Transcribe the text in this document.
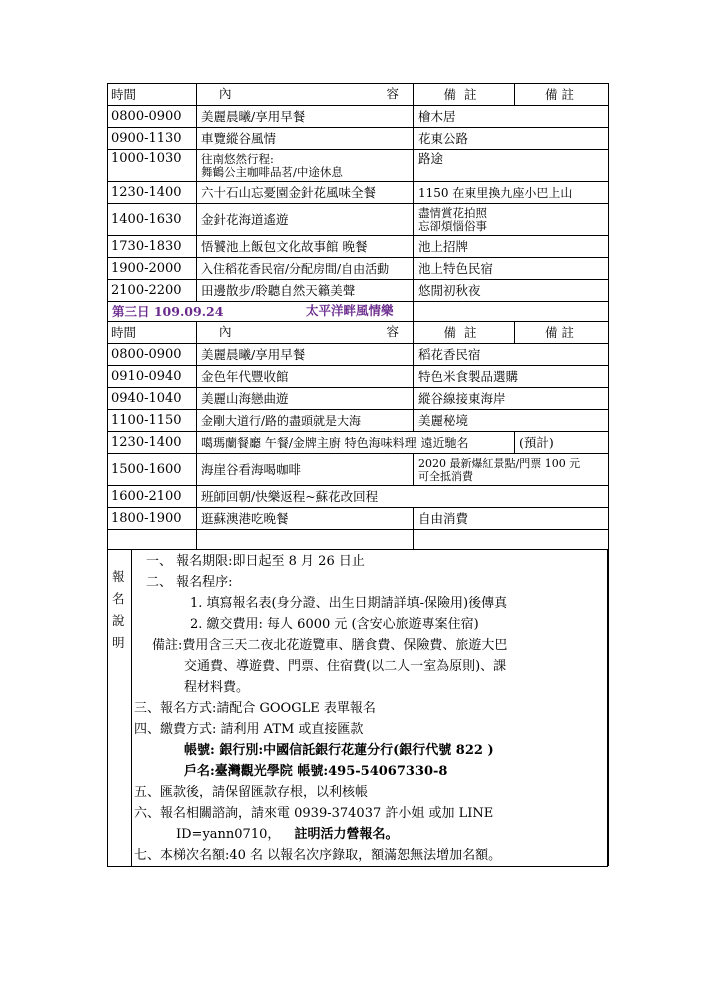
時間	內 容	備註	備註
0800-0900	美麗晨曦/享用早餐	檜木居	
0900-1130	車覽縱谷風情	花東公路	
1000-1030	往南悠然行程:
舞鶴公主咖啡品茗/中途休息	路途	
1230-1400	六十石山忘憂園金針花風味全餐	1150 在東里換九座小巴上山	
1400-1630	金針花海道遙遊	盡情賞花拍照
忘卻煩惱俗事	

1730-1830	悟饕池上飯包文化故事館 晚餐	池上招牌	
1900-2000	入住稻花香民宿/分配房間/自由活動	池上特色民宿	
2100-2200	田邊散步/聆聽自然天籟美聲	悠閒初秋夜	
第三日 109.09.24 太平洋畔風情樂			

時間	內 容	備註	備註
0800-0900	美麗晨曦/享用早餐	稻花香民宿	
0910-0940	金色年代豐收館	特色米食製品選購	
0940-1040	美麗山海戀曲遊	縱谷線接東海岸	
1100-1150	金剛大道行/路的盡頭就是大海	美麗秘境	
1230-1400	噶瑪蘭餐廳 午餐/金牌主廚 特色海味料理 遠近馳名		(預計)
1500-1600	海崖谷看海喝咖啡	2020 最新爆紅景點/門票 100 元
可全抵消費	

1600-2100	班師回朝/快樂返程~蘇花改回程		
1800-1900	逛蘇澳港吃晚餐	自由消費	

報
名
說
明
一、 報名期限:即日起至 8 月 26 日止
二、 報名程序:
1. 填寫報名表(身分證、出生日期請詳填-保險用)後傳真
2. 繳交費用: 每人 6000 元 (含安心旅遊專案住宿)
備註:費用含三天二夜北花遊覽車、膳食費、保險費、旅遊大巴
交通費、導遊費、門票、住宿費(以二人一室為原則)、課
程材料費。
三、報名方式:請配合 GOOGLE 表單報名
四、繳費方式: 請利用 ATM 或直接匯款
帳號: 銀行別:中國信託銀行花蓮分行(銀行代號 822 )
戶名:臺灣觀光學院 帳號:495-54067330-8
五、匯款後，請保留匯款存根，以利核帳
六、報名相關諮詢，請來電 0939-374037 許小姐 或加 LINE
ID=yann0710， 註明活力營報名。
七、本梯次名額:40 名 以報名次序錄取，額滿恕無法增加名額。
